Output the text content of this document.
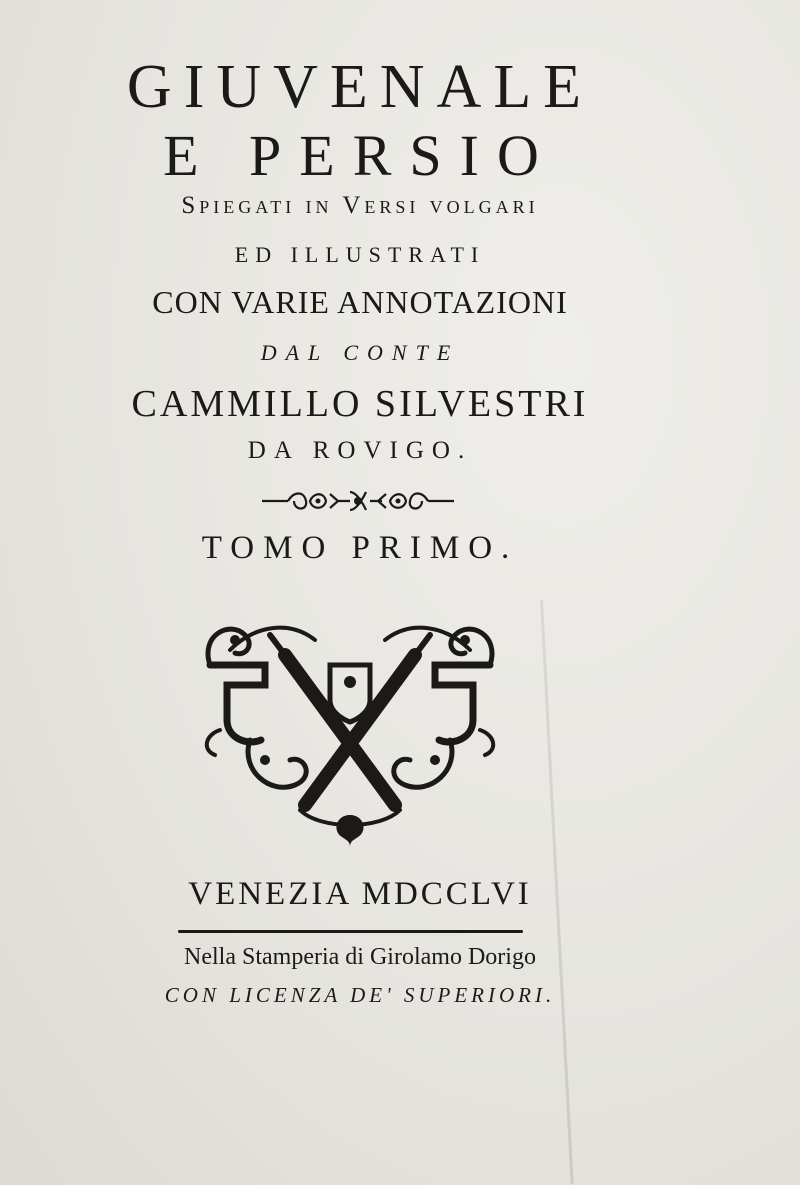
GIUVENALE
E PERSIO
Spiegati in Versi volgari
ED ILLUSTRATI
CON VARIE ANNOTAZIONI
DAL CONTE
CAMMILLO SILVESTRI
DA ROVIGO.
TOMO PRIMO.
VENEZIA MDCCLVI
Nella Stamperia di Girolamo Dorigo
CON LICENZA DE' SUPERIORI.
